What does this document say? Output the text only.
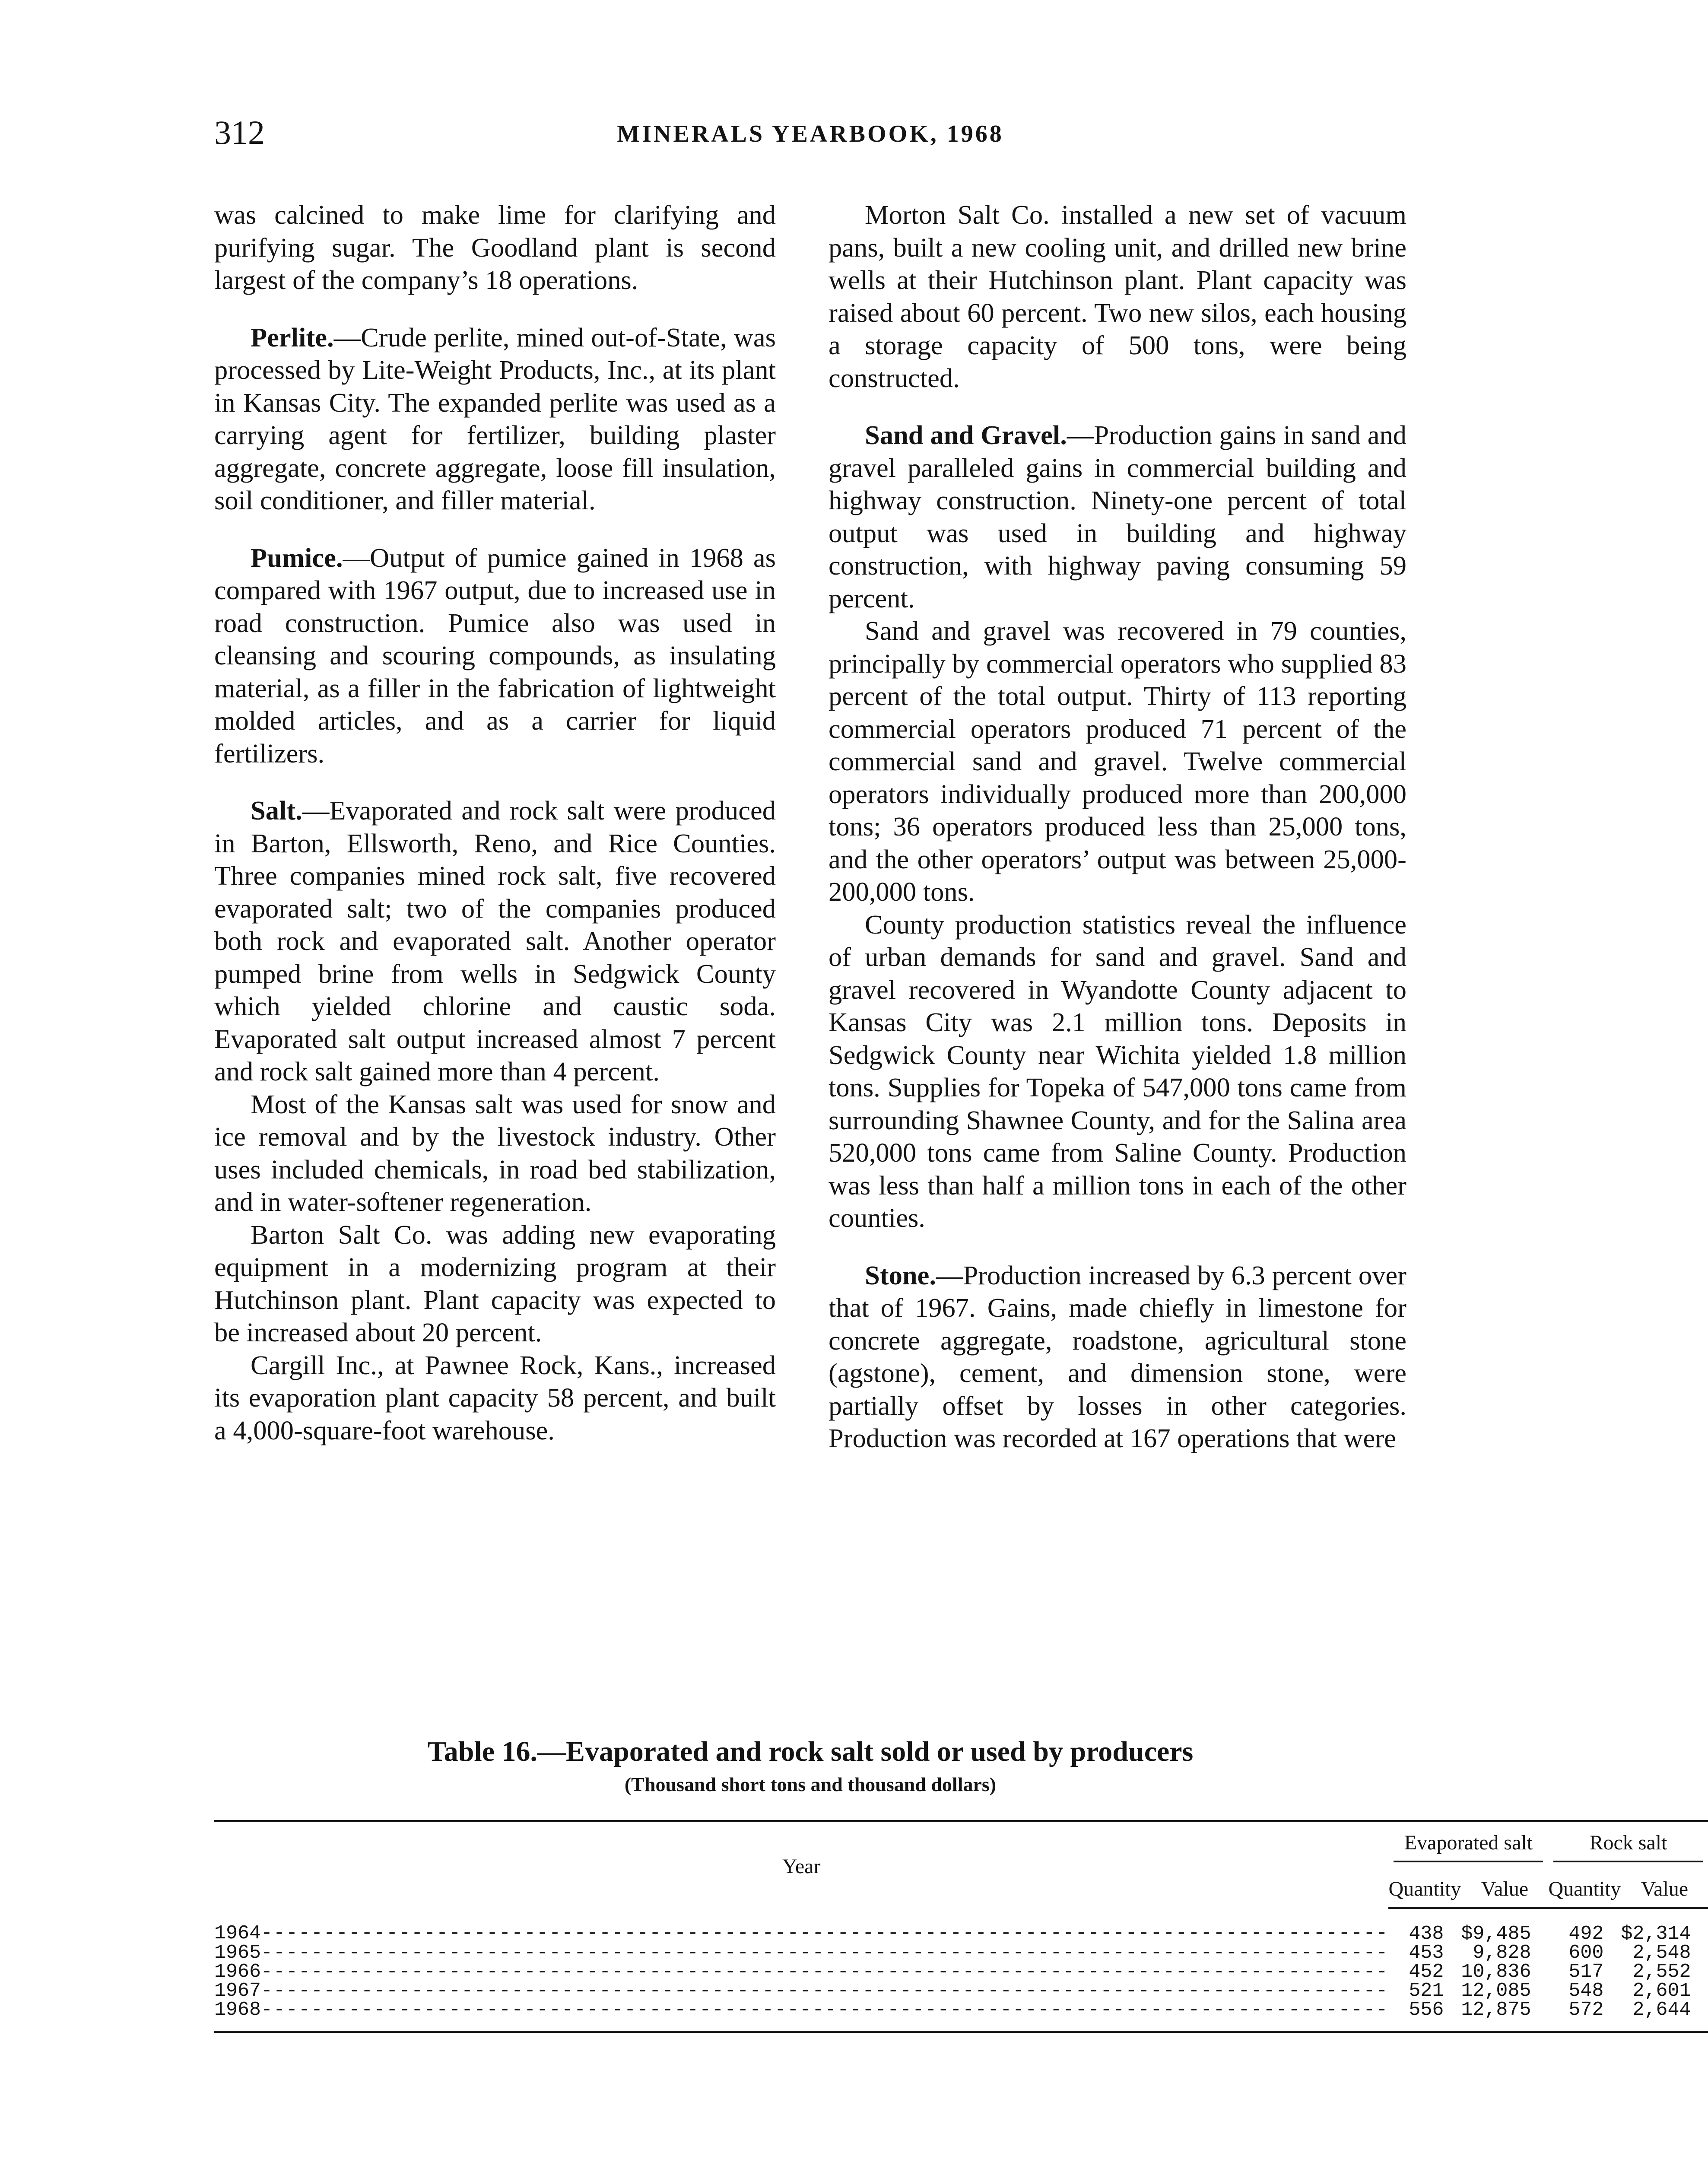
312	MINERALS YEARBOOK, 1968

was calcined to make lime for clarifying and purifying sugar. The Goodland plant is second largest of the company’s 18 operations.

Perlite.—Crude perlite, mined out-of-State, was processed by Lite-Weight Products, Inc., at its plant in Kansas City. The expanded perlite was used as a carrying agent for fertilizer, building plaster aggregate, concrete aggregate, loose fill insulation, soil conditioner, and filler material.

Pumice.—Output of pumice gained in 1968 as compared with 1967 output, due to increased use in road construction. Pumice also was used in cleansing and scouring compounds, as insulating material, as a filler in the fabrication of lightweight molded articles, and as a carrier for liquid fertilizers.

Salt.—Evaporated and rock salt were produced in Barton, Ellsworth, Reno, and Rice Counties. Three companies mined rock salt, five recovered evaporated salt; two of the companies produced both rock and evaporated salt. Another operator pumped brine from wells in Sedgwick County which yielded chlorine and caustic soda. Evaporated salt output increased almost 7 percent and rock salt gained more than 4 percent.

Most of the Kansas salt was used for snow and ice removal and by the livestock industry. Other uses included chemicals, in road bed stabilization, and in water-softener regeneration.

Barton Salt Co. was adding new evaporating equipment in a modernizing program at their Hutchinson plant. Plant capacity was expected to be increased about 20 percent.

Cargill Inc., at Pawnee Rock, Kans., increased its evaporation plant capacity 58 percent, and built a 4,000-square-foot warehouse.

Morton Salt Co. installed a new set of vacuum pans, built a new cooling unit, and drilled new brine wells at their Hutchinson plant. Plant capacity was raised about 60 percent. Two new silos, each housing a storage capacity of 500 tons, were being constructed.

Sand and Gravel.—Production gains in sand and gravel paralleled gains in commercial building and highway construction. Ninety-one percent of total output was used in building and highway construction, with highway paving consuming 59 percent.

Sand and gravel was recovered in 79 counties, principally by commercial operators who supplied 83 percent of the total output. Thirty of 113 reporting commercial operators produced 71 percent of the commercial sand and gravel. Twelve commercial operators individually produced more than 200,000 tons; 36 operators produced less than 25,000 tons, and the other operators’ output was between 25,000-200,000 tons.

County production statistics reveal the influence of urban demands for sand and gravel. Sand and gravel recovered in Wyandotte County adjacent to Kansas City was 2.1 million tons. Deposits in Sedgwick County near Wichita yielded 1.8 million tons. Supplies for Topeka of 547,000 tons came from surrounding Shawnee County, and for the Salina area 520,000 tons came from Saline County. Production was less than half a million tons in each of the other counties.

Stone.—Production increased by 6.3 percent over that of 1967. Gains, made chiefly in limestone for concrete aggregate, roadstone, agricultural stone (agstone), cement, and dimension stone, were partially offset by losses in other categories. Production was recorded at 167 operations that were

Table 16.—Evaporated and rock salt sold or used by producers
(Thousand short tons and thousand dollars)
Year	Evaporated salt		Rock salt	

	Quantity	Value	Quantity	Value
1964 -----	438	$9,485	492	$2,314
1965 -----	453	9,828	600	2,548
1966 -----	452	10,836	517	2,552
1967 -----	521	12,085	548	2,601
1968 -----	556	12,875	572	2,644
